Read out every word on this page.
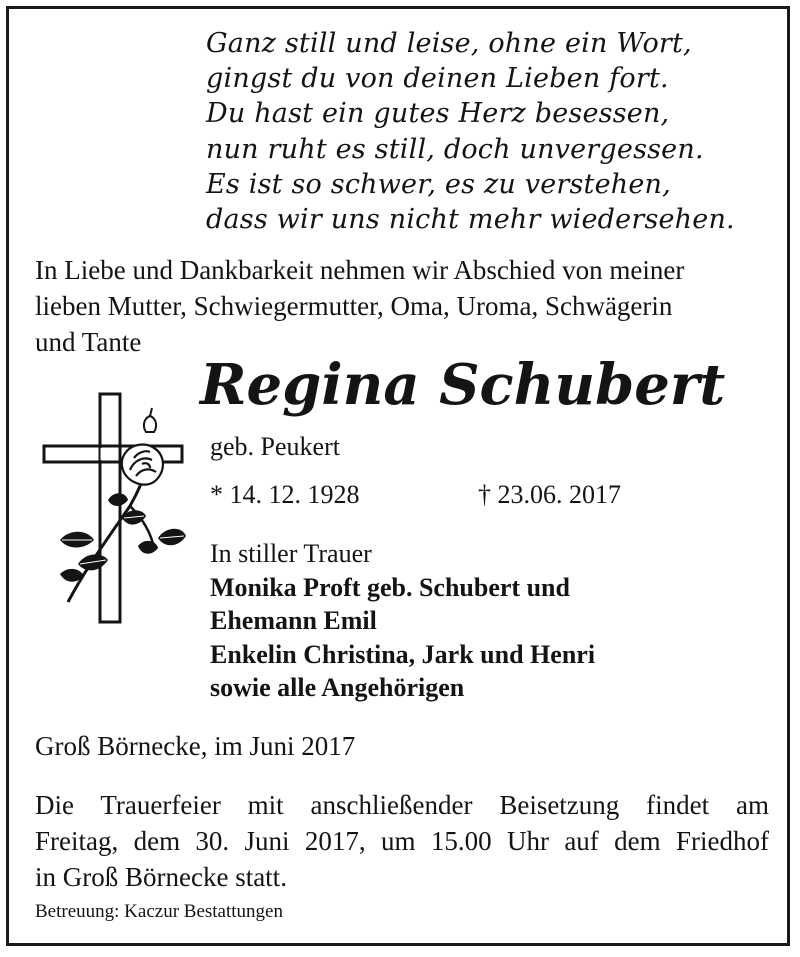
Ganz still und leise, ohne ein Wort,
gingst du von deinen Lieben fort.
Du hast ein gutes Herz besessen,
nun ruht es still, doch unvergessen.
Es ist so schwer, es zu verstehen,
dass wir uns nicht mehr wiedersehen.
In Liebe und Dankbarkeit nehmen wir Abschied von meiner
lieben Mutter, Schwiegermutter, Oma, Uroma, Schwägerin
und Tante
Regina Schubert
geb. Peukert
* 14. 12. 1928	† 23.06. 2017
In stiller Trauer
Monika Proft geb. Schubert und
Ehemann Emil
Enkelin Christina, Jark und Henri
sowie alle Angehörigen
Groß Börnecke, im Juni 2017
Die Trauerfeier mit anschließender Beisetzung findet am
Freitag, dem 30. Juni 2017, um 15.00 Uhr auf dem Friedhof
in Groß Börnecke statt.
Betreuung: Kaczur Bestattungen
